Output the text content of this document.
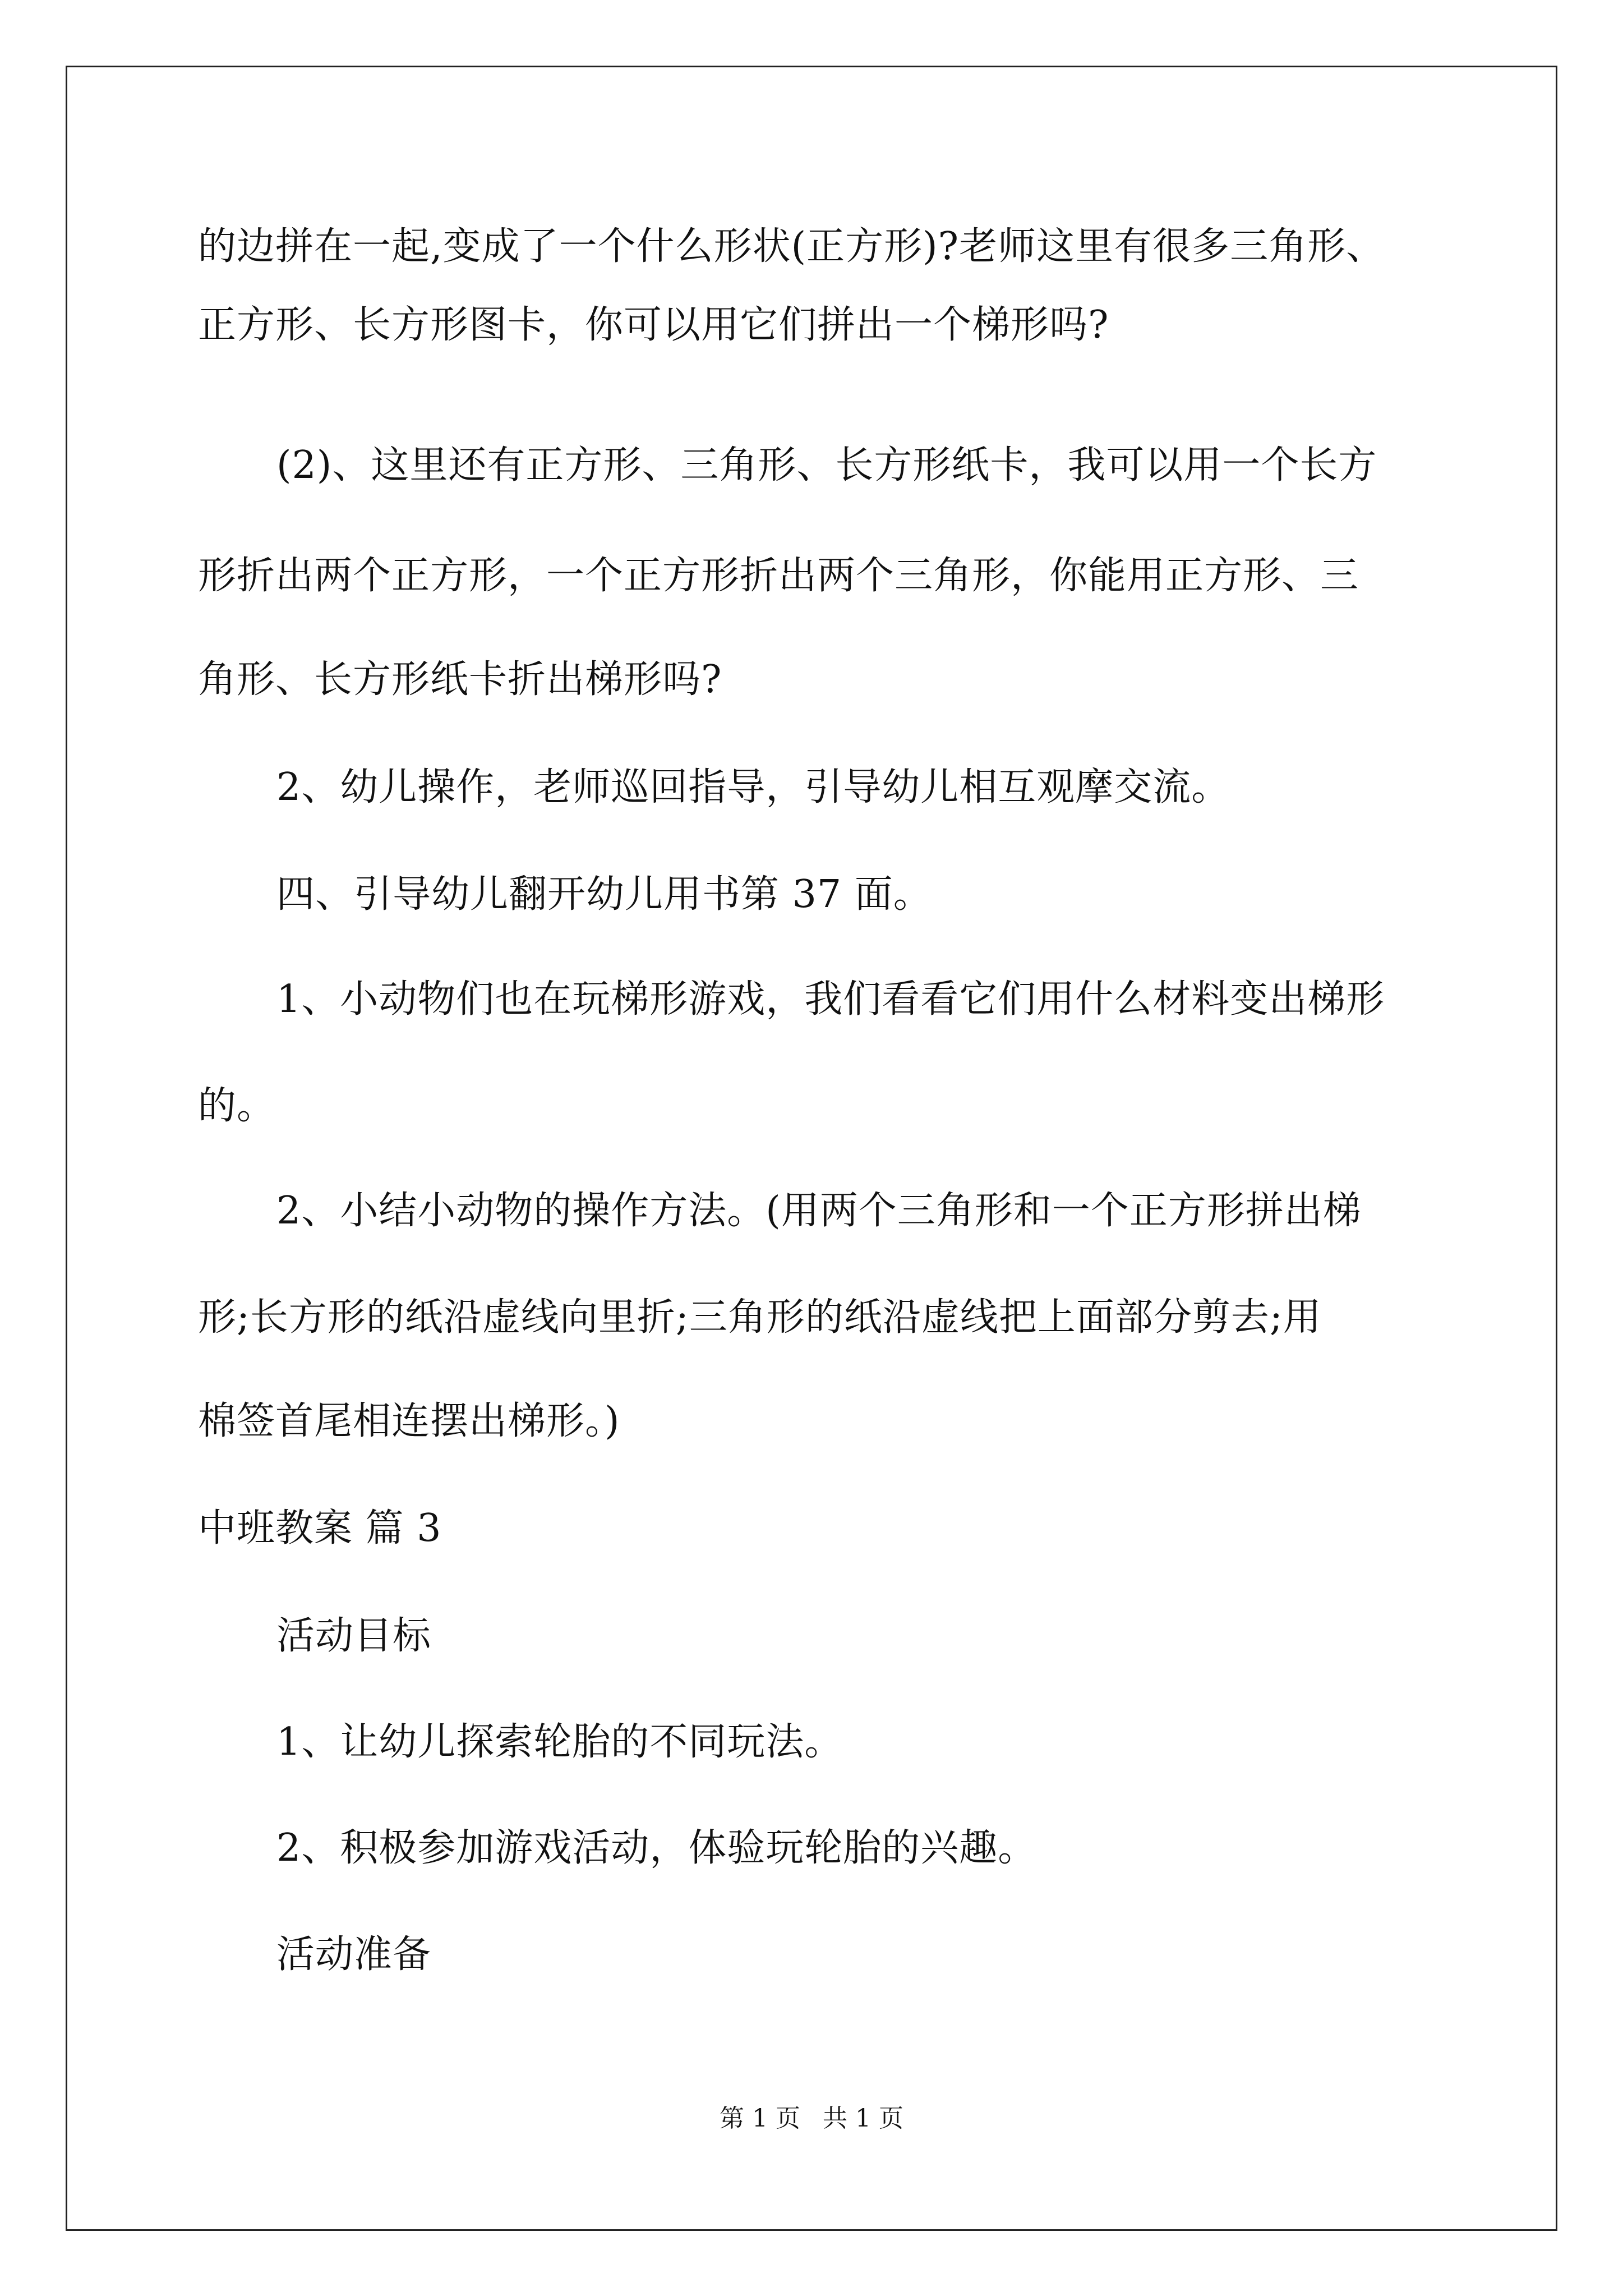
的边拼在一起,变成了一个什么形状(正方形)?老师这里有很多三角形、
正方形、长方形图卡，你可以用它们拼出一个梯形吗?
(2)、这里还有正方形、三角形、长方形纸卡，我可以用一个长方
形折出两个正方形，一个正方形折出两个三角形，你能用正方形、三
角形、长方形纸卡折出梯形吗?
2、幼儿操作，老师巡回指导，引导幼儿相互观摩交流。
四、引导幼儿翻开幼儿用书第 37 面。
1、小动物们也在玩梯形游戏，我们看看它们用什么材料变出梯形
的。
2、小结小动物的操作方法。(用两个三角形和一个正方形拼出梯
形;长方形的纸沿虚线向里折;三角形的纸沿虚线把上面部分剪去;用
棉签首尾相连摆出梯形。)
中班教案 篇 3
活动目标
1、让幼儿探索轮胎的不同玩法。
2、积极参加游戏活动，体验玩轮胎的兴趣。
活动准备
第 1 页 共 1 页
